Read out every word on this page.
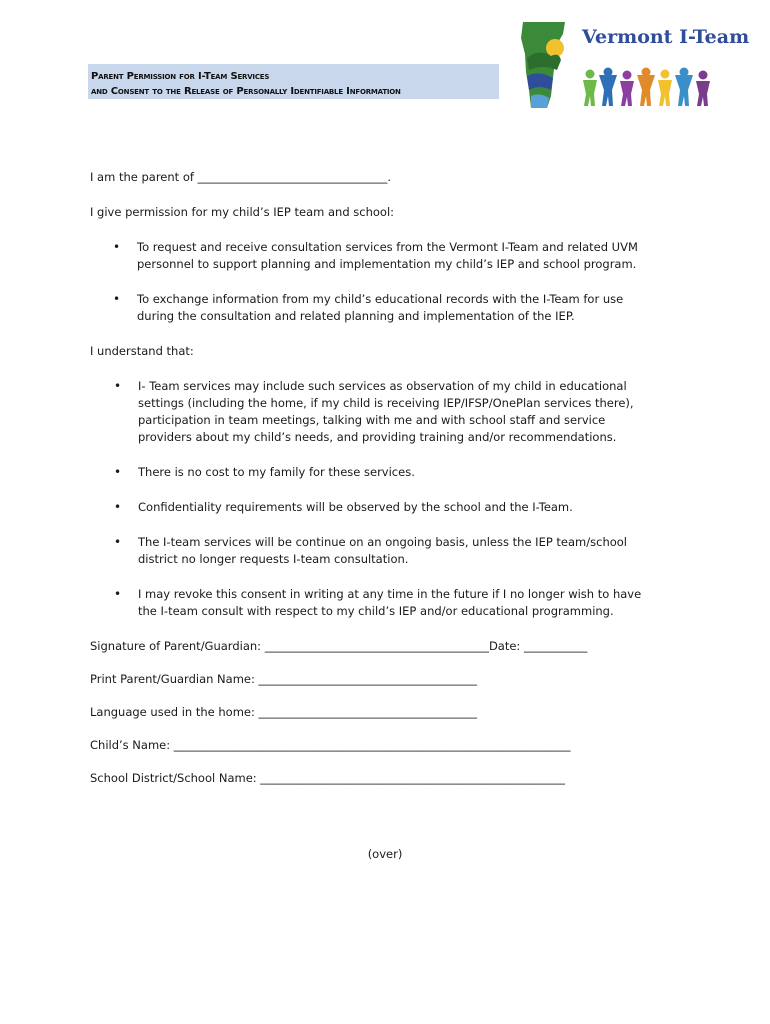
Vermont I-Team

Parent Permission for I-Team Services
and Consent to the Release of Personally Identifiable Information

I am the parent of _________________________________.

I give permission for my child’s IEP team and school:

• To request and receive consultation services from the Vermont I-Team and related UVM

personnel to support planning and implementation my child’s IEP and school program.

• To exchange information from my child’s educational records with the I-Team for use

during the consultation and related planning and implementation of the IEP.

I understand that:

• I- Team services may include such services as observation of my child in educational

settings (including the home, if my child is receiving IEP/IFSP/OnePlan services there),

participation in team meetings, talking with me and with school staff and service

providers about my child’s needs, and providing training and/or recommendations.

• There is no cost to my family for these services.

• Confidentiality requirements will be observed by the school and the I-Team.

• The I-team services will be continue on an ongoing basis, unless the IEP team/school

district no longer requests I-team consultation.

• I may revoke this consent in writing at any time in the future if I no longer wish to have

the I-team consult with respect to my child’s IEP and/or educational programming.

Signature of Parent/Guardian: _______________________________________Date: ___________

Print Parent/Guardian Name: ______________________________________

Language used in the home: ______________________________________

Child’s Name: _____________________________________________________________________

School District/School Name: _____________________________________________________

(over)
